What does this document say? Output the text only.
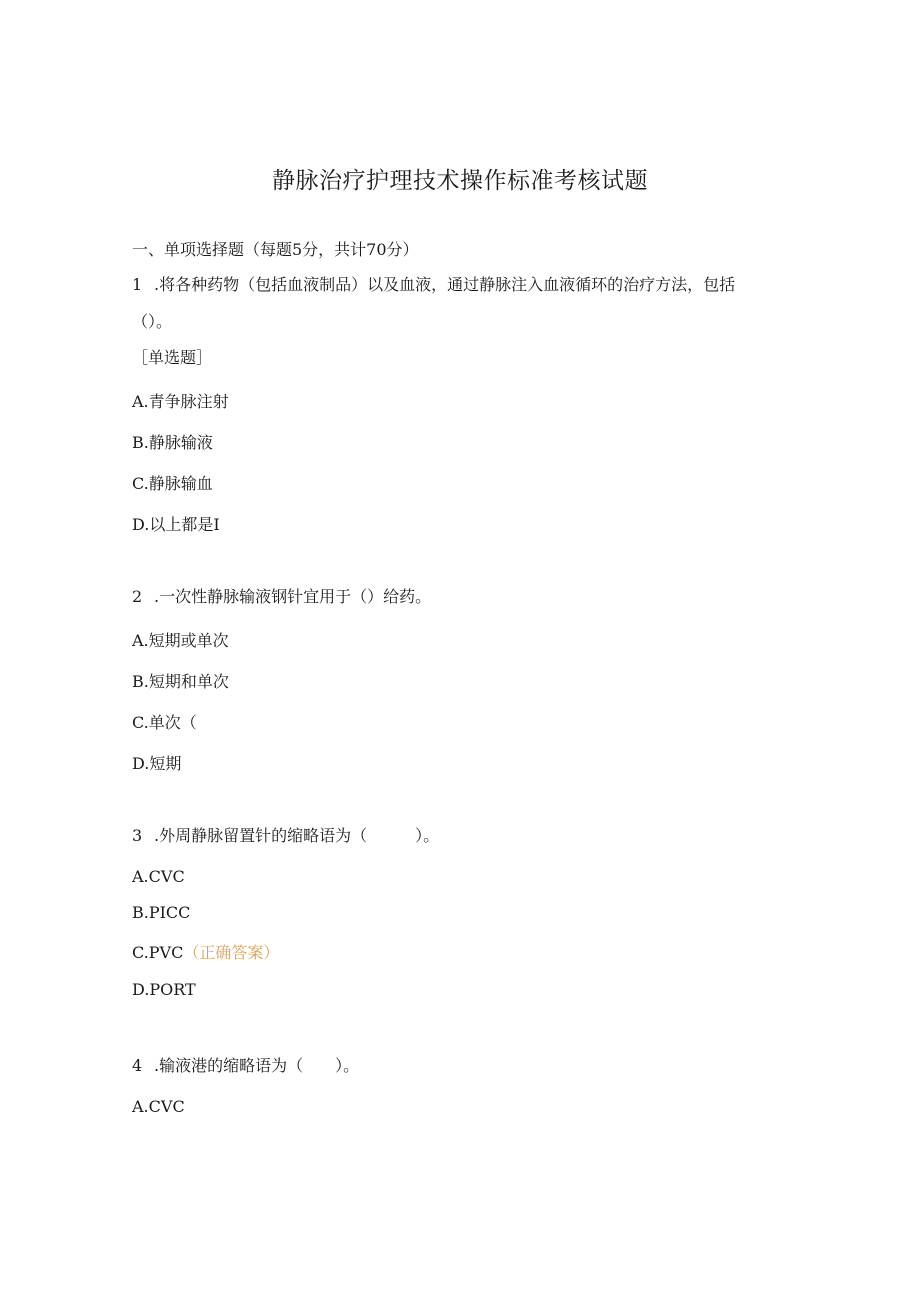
静脉治疗护理技术操作标准考核试题
一、单项选择题（每题5分，共计70分）
1 .将各种药物（包括血液制品）以及血液，通过静脉注入血液循环的治疗方法，包括
（）。
［单选题］
A.青争脉注射
B.静脉输液
C.静脉输血
D.以上都是I
2 .一次性静脉输液钢针宜用于（）给药。
A.短期或单次
B.短期和单次
C.单次（
D.短期
3 .外周静脉留置针的缩略语为（　　　）。
A.CVC
B.PICC
C.PVC（正确答案）
D.PORT
4 .输液港的缩略语为（　　）。
A.CVC
